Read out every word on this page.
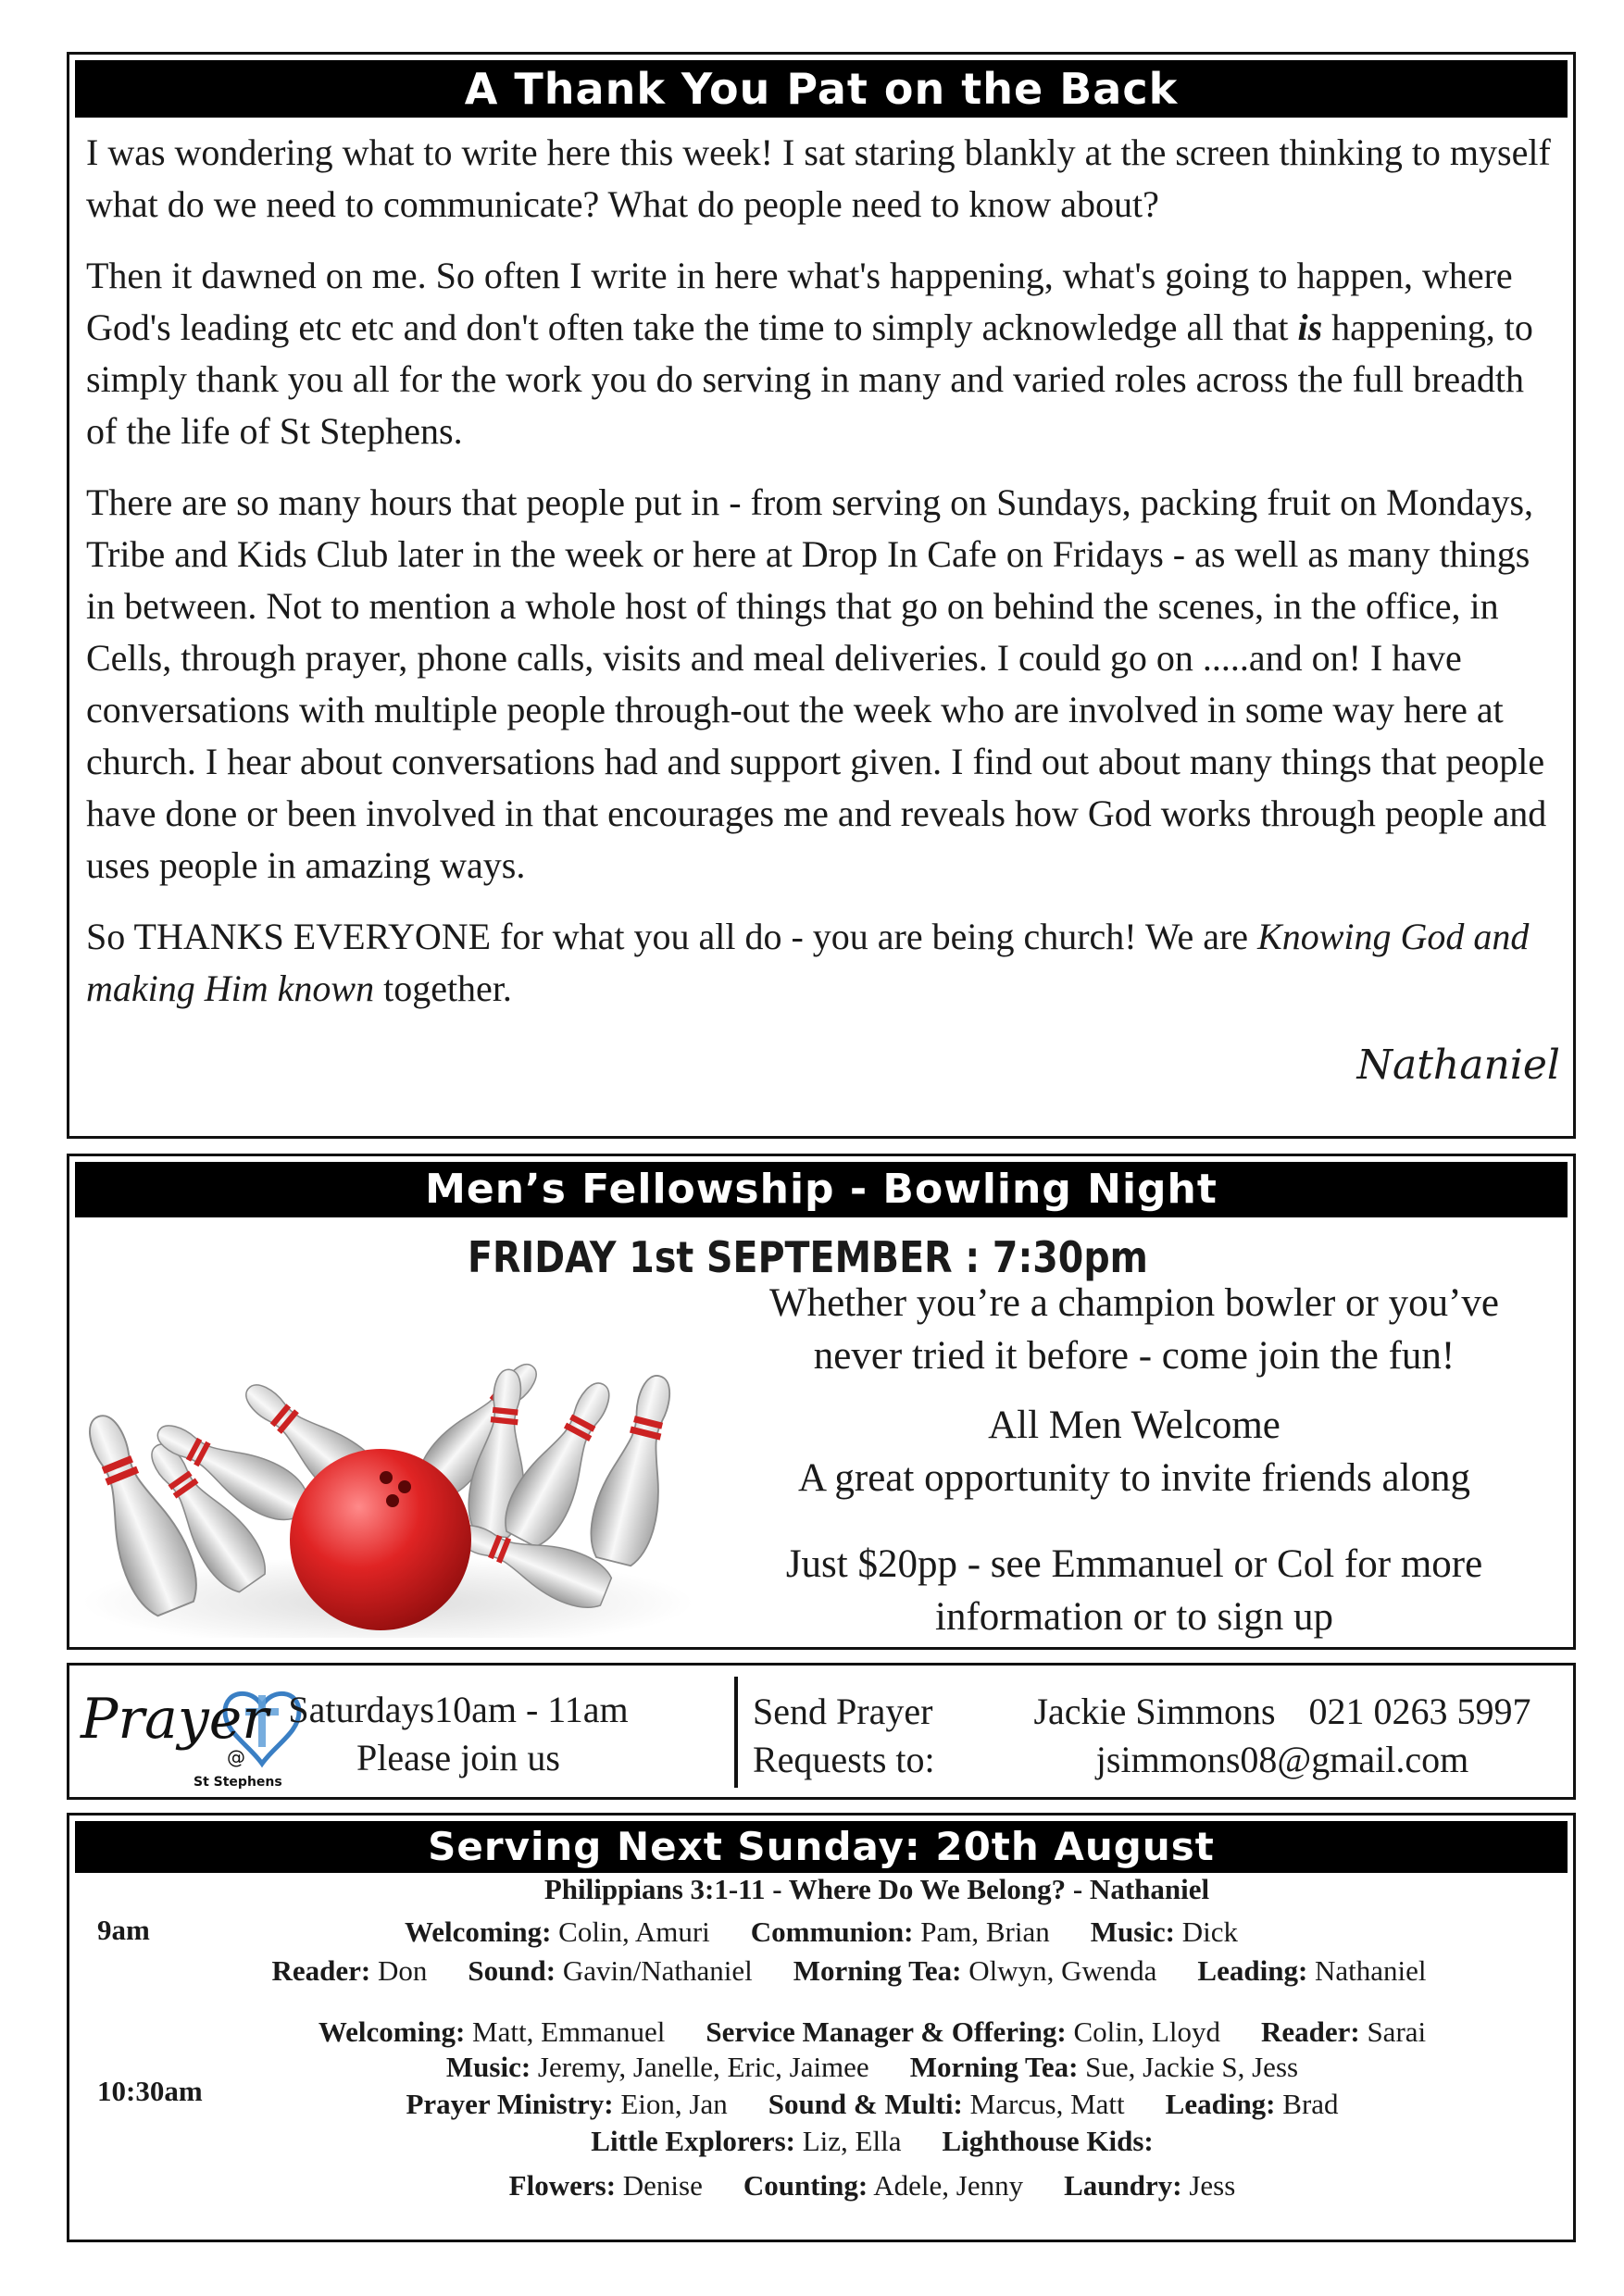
A Thank You Pat on the Back

I was wondering what to write here this week! I sat staring blankly at the screen thinking to myself what do we need to communicate? What do people need to know about?

Then it dawned on me. So often I write in here what's happening, what's going to happen, where God's leading etc etc and don't often take the time to simply acknowledge all that is happening, to simply thank you all for the work you do serving in many and varied roles across the full breadth of the life of St Stephens.

There are so many hours that people put in - from serving on Sundays, packing fruit on Mondays, Tribe and Kids Club later in the week or here at Drop In Cafe on Fridays - as well as many things in between. Not to mention a whole host of things that go on behind the scenes, in the office, in Cells, through prayer, phone calls, visits and meal deliveries. I could go on .....and on! I have conversations with multiple people through-out the week who are involved in some way here at church. I hear about conversations had and support given. I find out about many things that people have done or been involved in that encourages me and reveals how God works through people and uses people in amazing ways.

So THANKS EVERYONE for what you all do - you are being church! We are Knowing God and making Him known together.

Nathaniel
Men’s Fellowship - Bowling Night
FRIDAY 1st SEPTEMBER : 7:30pm
Whether you’re a champion bowler or you’ve
never tried it before - come join the fun!
All Men Welcome
A great opportunity to invite friends along
Just $20pp - see Emmanuel or Col for more
information or to sign up
Prayer
@
St Stephens
Saturdays10am - 11am
Please join us
Send Prayer
Requests to:
Jackie Simmons 021 0263 5997
jsimmons08@gmail.com
Serving Next Sunday: 20th August
9am
Philippians 3:1-11 - Where Do We Belong? - Nathaniel
Welcoming: Colin, Amuri Communion: Pam, Brian Music: Dick
Reader: Don Sound: Gavin/Nathaniel Morning Tea: Olwyn, Gwenda Leading: Nathaniel
10:30am
Welcoming: Matt, Emmanuel Service Manager & Offering: Colin, Lloyd Reader: Sarai
Music: Jeremy, Janelle, Eric, Jaimee Morning Tea: Sue, Jackie S, Jess
Prayer Ministry: Eion, Jan Sound & Multi: Marcus, Matt Leading: Brad
Little Explorers: Liz, Ella Lighthouse Kids:
Flowers: Denise Counting: Adele, Jenny Laundry: Jess
